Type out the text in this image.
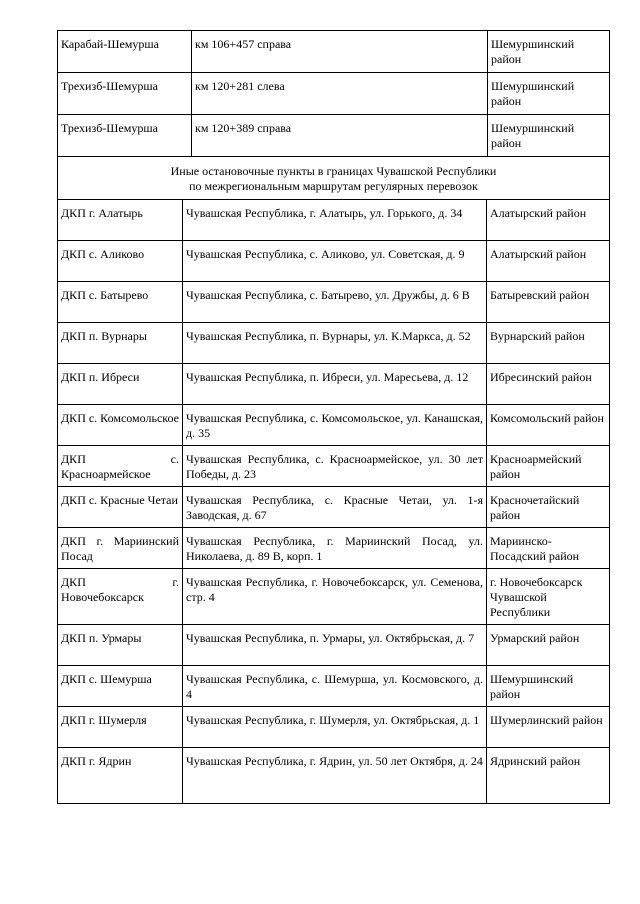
Карабай-Шемурша	км 106+457 справа	Шемуршинский район
Трехизб-Шемурша	км 120+281 слева	Шемуршинский район
Трехизб-Шемурша	км 120+389 справа	Шемуршинский район

Иные остановочные пункты в границах Чувашской Республики
по межрегиональным маршрутам регулярных перевозок		
ДКП г. Алатырь	Чувашская Республика, г. Алатырь, ул. Горького, д. 34	Алатырский район
ДКП с. Аликово	Чувашская Республика, с. Аликово, ул. Советская, д. 9	Алатырский район
ДКП с. Батырево	Чувашская Республика, с. Батырево, ул. Дружбы, д. 6 В	Батыревский район
ДКП п. Вурнары	Чувашская Республика, п. Вурнары, ул. К.Маркса, д. 52	Вурнарский район
ДКП п. Ибреси	Чувашская Республика, п. Ибреси, ул. Маресьева, д. 12	Ибресинский район
ДКП с. Комсомольское	Чувашская Республика, с. Комсомольское, ул. Канашская, д. 35	Комсомольский район
ДКП с. Красноармейское	Чувашская Республика, с. Красноармейское, ул. 30 лет Победы, д. 23	Красноармейский район
ДКП с. Красные Четаи	Чувашская Республика, с. Красные Четаи, ул. 1-я Заводская, д. 67	Красночетайский район
ДКП г. Мариинский Посад	Чувашская Республика, г. Мариинский Посад, ул. Николаева, д. 89 В, корп. 1	Мариинско-Посадский район
ДКП г. Новочебоксарск	Чувашская Республика, г. Новочебоксарск, ул. Семенова, стр. 4	г. Новочебоксарск Чувашской Республики
ДКП п. Урмары	Чувашская Республика, п. Урмары, ул. Октябрьская, д. 7	Урмарский район
ДКП с. Шемурша	Чувашская Республика, с. Шемурша, ул. Космовского, д. 4	Шемуршинский район
ДКП г. Шумерля	Чувашская Республика, г. Шумерля, ул. Октябрьская, д. 1	Шумерлинский район
ДКП г. Ядрин	Чувашская Республика, г. Ядрин, ул. 50 лет Октября, д. 24	Ядринский район
